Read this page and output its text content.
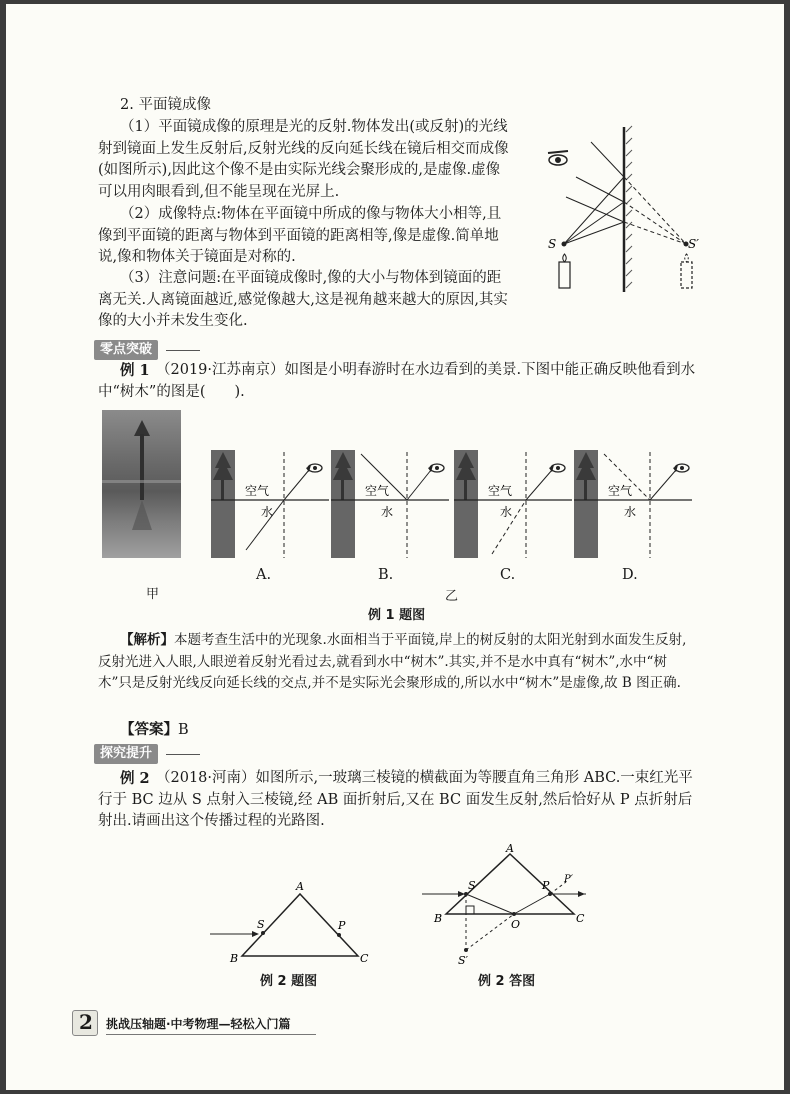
2. 平面镜成像
（1）平面镜成像的原理是光的反射.物体发出(或反射)的光线射到镜面上发生反射后,反射光线的反向延长线在镜后相交而成像(如图所示),因此这个像不是由实际光线会聚形成的,是虚像.虚像可以用肉眼看到,但不能呈现在光屏上.
（2）成像特点:物体在平面镜中所成的像与物体大小相等,且像到平面镜的距离与物体到平面镜的距离相等,像是虚像.简单地说,像和物体关于镜面是对称的.
（3）注意问题:在平面镜成像时,像的大小与物体到镜面的距离无关.人离镜面越近,感觉像越大,这是视角越来越大的原因,其实像的大小并未发生变化.
S	S′
零点突破
例 1 （2019·江苏南京）如图是小明春游时在水边看到的美景.下图中能正确反映他看到水中“树木”的图是(　　).
甲
空气
水
空气
水
空气
水
空气
水
A.	B.	C.	D.
乙
例 1 题图
【解析】本题考查生活中的光现象.水面相当于平面镜,岸上的树反射的太阳光射到水面发生反射,反射光进入人眼,人眼逆着反射光看过去,就看到水中“树木”.其实,并不是水中真有“树木”,水中“树木”只是反射光线反向延长线的交点,并不是实际光会聚形成的,所以水中“树木”是虚像,故 B 图正确.
【答案】B
探究提升
例 2 （2018·河南）如图所示,一玻璃三棱镜的横截面为等腰直角三角形 ABC.一束红光平行于 BC 边从 S 点射入三棱镜,经 AB 面折射后,又在 BC 面发生反射,然后恰好从 P 点折射后射出.请画出这个传播过程的光路图.
A
B	C
S	P
例 2 题图
A
B	C
S	P
O
S′
P′
例 2 答图
2 挑战压轴题·中考物理—轻松入门篇
